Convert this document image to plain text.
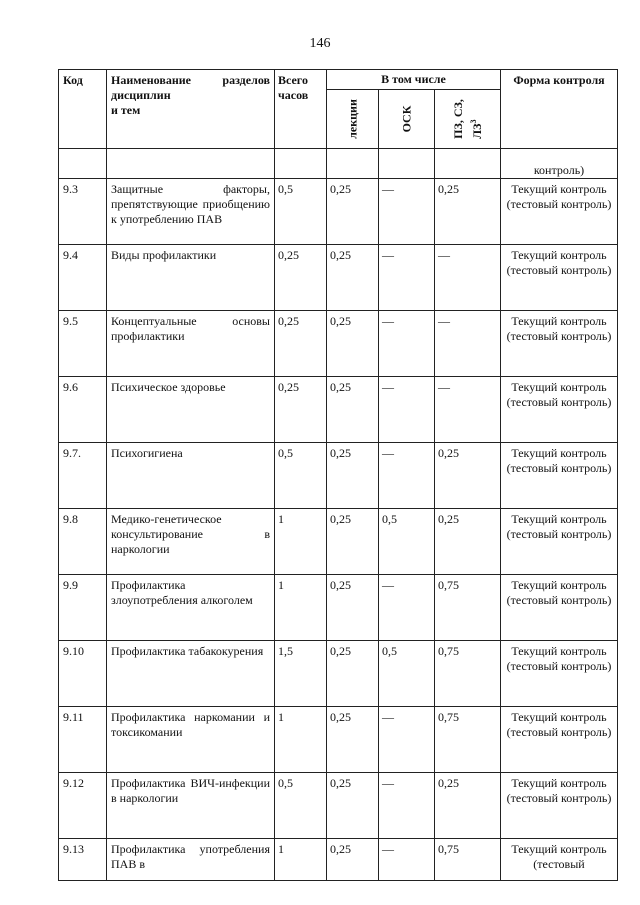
146
Код	Наименование разделов
дисциплин
и тем	Всего часов	В том числе			Форма контроля

			лекции	ОСК	ПЗ, СЗ, $ЛЗ^3$

						контроль)
9.3	Защитные факторы, препятствующие приобщению к употреблению ПАВ	0,5	0,25	—	0,25	Текущий контроль (тестовый контроль)
9.4	Виды профилактики	0,25	0,25	—	—	Текущий контроль (тестовый контроль)
9.5	Концептуальные основы профилактики	0,25	0,25	—	—	Текущий контроль (тестовый контроль)
9.6	Психическое здоровье	0,25	0,25	—	—	Текущий контроль (тестовый контроль)
9.7.	Психогигиена	0,5	0,25	—	0,25	Текущий контроль (тестовый контроль)
9.8	Медико-генетическое консультирование в наркологии	1	0,25	0,5	0,25	Текущий контроль (тестовый контроль)
9.9	Профилактика злоупотребления алкоголем	1	0,25	—	0,75	Текущий контроль (тестовый контроль)
9.10	Профилактика табакокурения	1,5	0,25	0,5	0,75	Текущий контроль (тестовый контроль)
9.11	Профилактика наркомании и токсикомании	1	0,25	—	0,75	Текущий контроль (тестовый контроль)
9.12	Профилактика ВИЧ-инфекции в наркологии	0,5	0,25	—	0,25	Текущий контроль (тестовый контроль)
9.13	Профилактика употребления ПАВ в	1	0,25	—	0,75	Текущий контроль (тестовый
